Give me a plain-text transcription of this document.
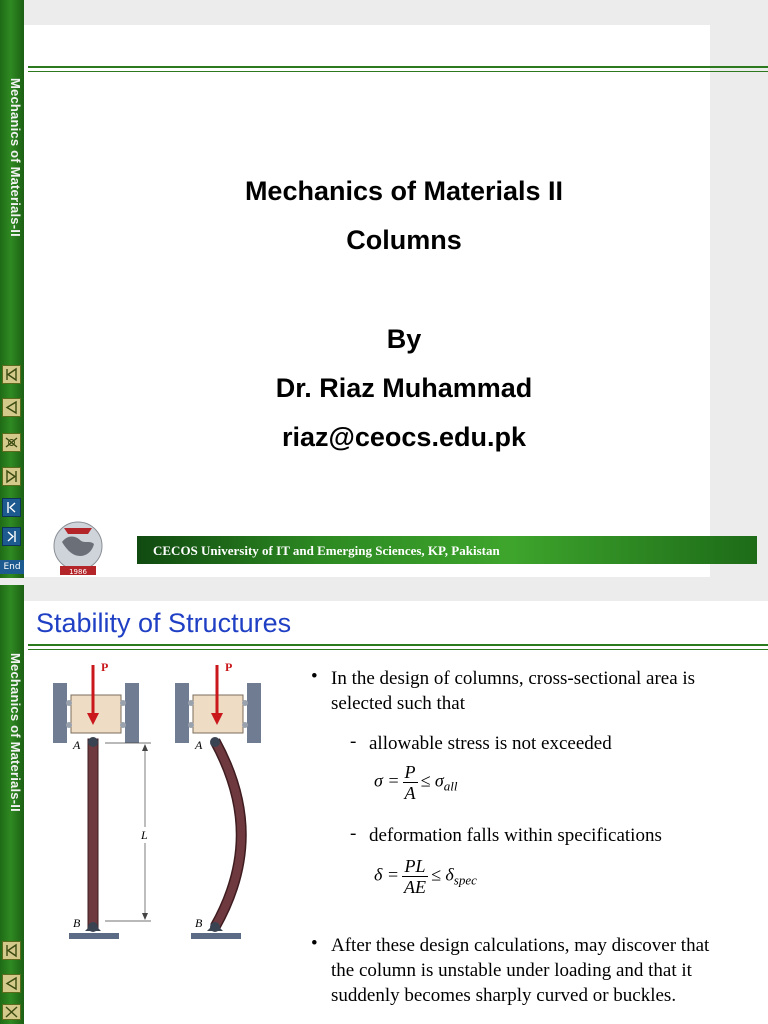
Mechanics of Materials-II
End
Mechanics of Materials-II
Mechanics of Materials II
Columns
By
Dr. Riaz Muhammad
riaz@ceocs.edu.pk
1986
CECOS University of IT and Emerging Sciences, KP, Pakistan
Stability of Structures
P
A
B
L
P
A
B
• In the design of columns, cross-sectional area is selected such that
- allowable stress is not exceeded
$\sigma = \frac{P}{A} \le \sigma_{all}$
- deformation falls within specifications
$\delta = \frac{PL}{AE} \le \delta_{spec}$
• After these design calculations, may discover that the column is unstable under loading and that it suddenly becomes sharply curved or buckles.
